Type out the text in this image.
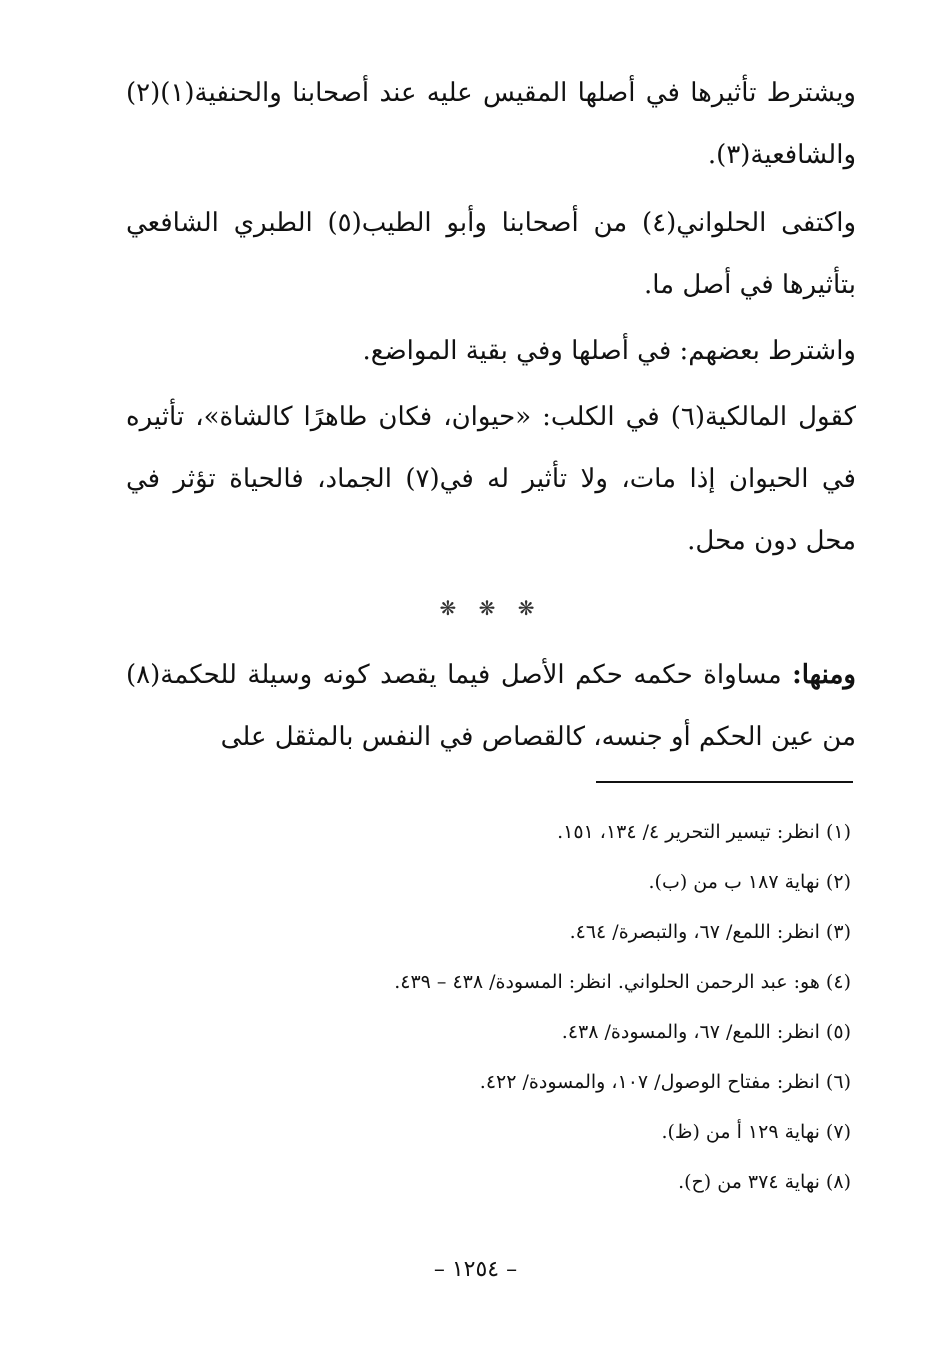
ويشترط تأثيرها في أصلها المقيس عليه عند أصحابنا والحنفية(١)(٢) والشافعية(٣).

واكتفى الحلواني(٤) من أصحابنا وأبو الطيب(٥) الطبري الشافعي بتأثيرها في أصل ما.

واشترط بعضهم: في أصلها وفي بقية المواضع.

كقول المالكية(٦) في الكلب: «حيوان، فكان طاهرًا كالشاة»، تأثيره في الحيوان إذا مات، ولا تأثير له في(٧) الجماد، فالحياة تؤثر في محل دون محل.

❋ ❋ ❋

ومنها: مساواة حكمه حكم الأصل فيما يقصد كونه وسيلة للحكمة(٨) من عين الحكم أو جنسه، كالقصاص في النفس بالمثقل على

(١) انظر: تيسير التحرير ٤/ ١٣٤، ١٥١.
(٢) نهاية ١٨٧ ب من (ب).
(٣) انظر: اللمع/ ٦٧، والتبصرة/ ٤٦٤.
(٤) هو: عبد الرحمن الحلواني. انظر: المسودة/ ٤٣٨ – ٤٣٩.
(٥) انظر: اللمع/ ٦٧، والمسودة/ ٤٣٨.
(٦) انظر: مفتاح الوصول/ ١٠٧، والمسودة/ ٤٢٢.
(٧) نهاية ١٢٩ أ من (ظ).
(٨) نهاية ٣٧٤ من (ح).
– ١٢٥٤ –
